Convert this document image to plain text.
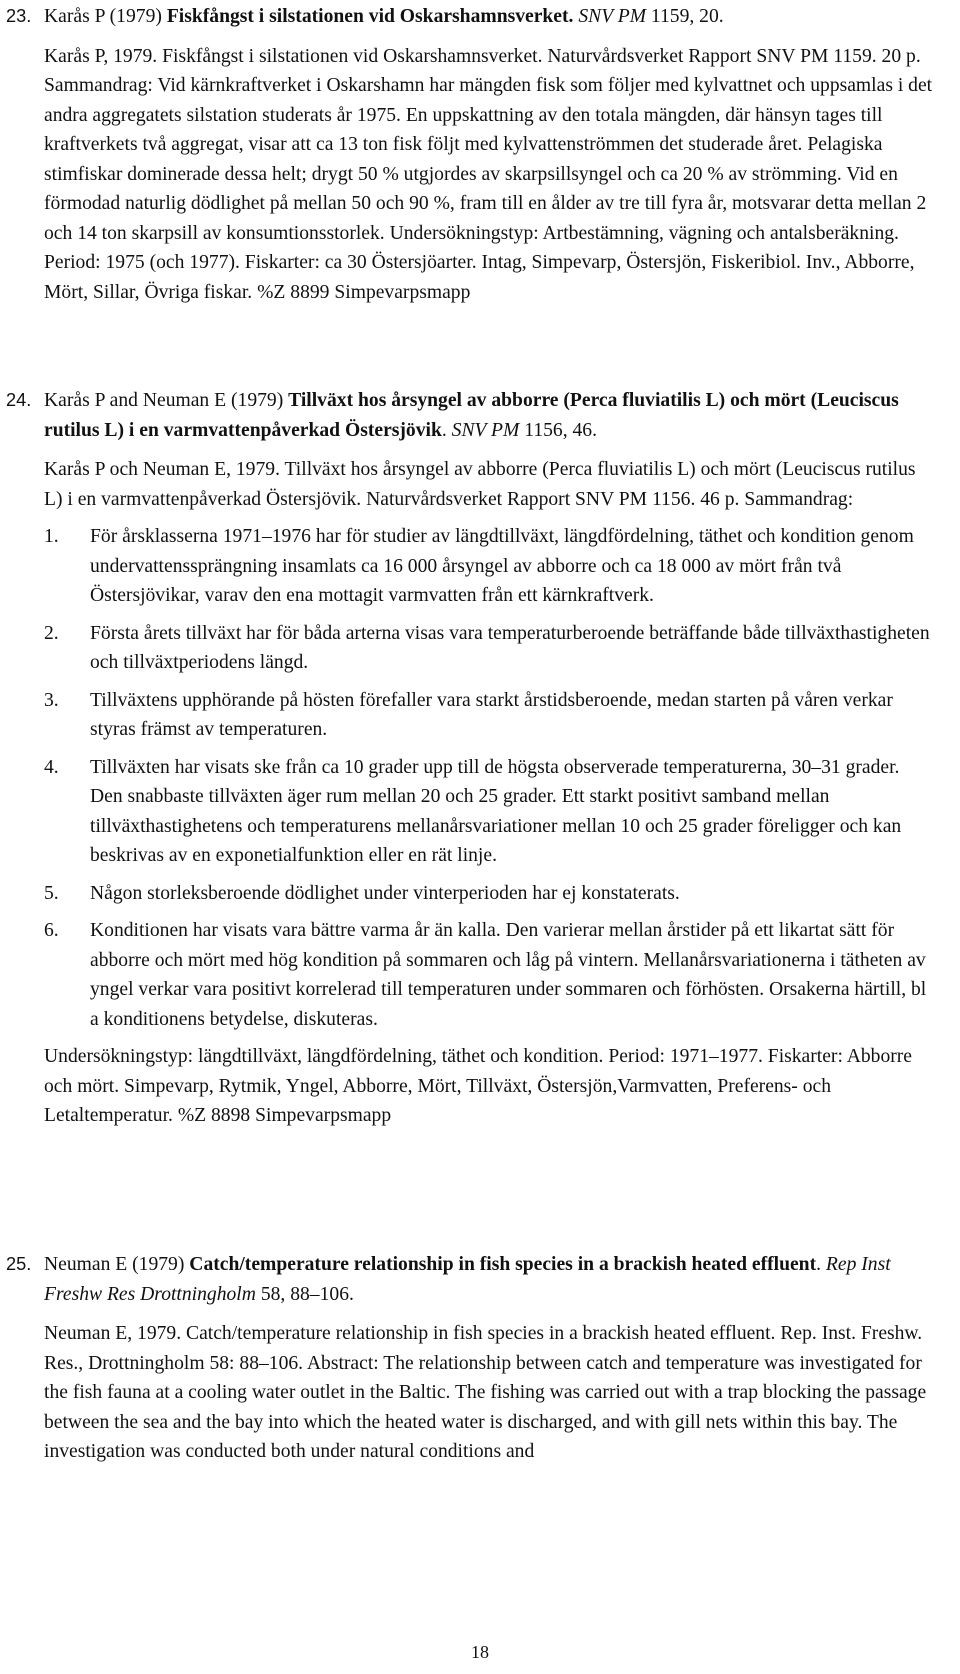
23. Karås P (1979) Fiskfångst i silstationen vid Oskarshamnsverket. SNV PM 1159, 20.

Karås P, 1979. Fiskfångst i silstationen vid Oskarshamnsverket. Naturvårdsverket Rapport SNV PM 1159. 20 p. Sammandrag: Vid kärnkraftverket i Oskarshamn har mängden fisk som följer med kylvattnet och uppsamlas i det andra aggregatets silstation studerats år 1975. En uppskattning av den totala mängden, där hänsyn tages till kraftverkets två aggregat, visar att ca 13 ton fisk följt med kylvattenströmmen det studerade året. Pelagiska stimfiskar dominerade dessa helt; drygt 50 % utgjordes av skarpsillsyngel och ca 20 % av strömming. Vid en förmodad naturlig dödlighet på mellan 50 och 90 %, fram till en ålder av tre till fyra år, motsvarar detta mellan 2 och 14 ton skarpsill av konsumtionsstorlek. Undersökningstyp: Artbestämning, vägning och antalsberäkning. Period: 1975 (och 1977). Fiskarter: ca 30 Östersjöarter. Intag, Simpevarp, Östersjön, Fiskeribiol. Inv., Abborre, Mört, Sillar, Övriga fiskar. %Z 8899 Simpevarpsmapp

24. Karås P and Neuman E (1979) Tillväxt hos årsyngel av abborre (Perca fluviatilis L) och mört (Leuciscus rutilus L) i en varmvattenpåverkad Östersjövik. SNV PM 1156, 46.

Karås P och Neuman E, 1979. Tillväxt hos årsyngel av abborre (Perca fluviatilis L) och mört (Leuciscus rutilus L) i en varmvattenpåverkad Östersjövik. Naturvårdsverket Rapport SNV PM 1156. 46 p. Sammandrag:

1. För årsklasserna 1971–1976 har för studier av längdtillväxt, längdfördelning, täthet och kondition genom undervattenssprängning insamlats ca 16 000 årsyngel av abborre och ca 18 000 av mört från två Östersjövikar, varav den ena mottagit varmvatten från ett kärnkraftverk.
2. Första årets tillväxt har för båda arterna visas vara temperaturberoende beträffande både tillväxthastigheten och tillväxtperiodens längd.
3. Tillväxtens upphörande på hösten förefaller vara starkt årstidsberoende, medan starten på våren verkar styras främst av temperaturen.
4. Tillväxten har visats ske från ca 10 grader upp till de högsta observerade temperaturerna, 30–31 grader. Den snabbaste tillväxten äger rum mellan 20 och 25 grader. Ett starkt positivt samband mellan tillväxthastighetens och temperaturens mellanårsvariationer mellan 10 och 25 grader föreligger och kan beskrivas av en exponetialfunktion eller en rät linje.
5. Någon storleksberoende dödlighet under vinterperioden har ej konstaterats.
6. Konditionen har visats vara bättre varma år än kalla. Den varierar mellan årstider på ett likartat sätt för abborre och mört med hög kondition på sommaren och låg på vintern. Mellanårsvariationerna i tätheten av yngel verkar vara positivt korrelerad till temperaturen under sommaren och förhösten. Orsakerna härtill, bl a konditionens betydelse, diskuteras.

Undersökningstyp: längdtillväxt, längdfördelning, täthet och kondition. Period: 1971–1977. Fiskarter: Abborre och mört. Simpevarp, Rytmik, Yngel, Abborre, Mört, Tillväxt, Östersjön,Varmvatten, Preferens- och Letaltemperatur. %Z 8898 Simpevarpsmapp

25. Neuman E (1979) Catch/temperature relationship in fish species in a brackish heated effluent. Rep Inst Freshw Res Drottningholm 58, 88–106.

Neuman E, 1979. Catch/temperature relationship in fish species in a brackish heated effluent. Rep. Inst. Freshw. Res., Drottningholm 58: 88–106. Abstract: The relationship between catch and temperature was investigated for the fish fauna at a cooling water outlet in the Baltic. The fishing was carried out with a trap blocking the passage between the sea and the bay into which the heated water is discharged, and with gill nets within this bay. The investigation was conducted both under natural conditions and

18
